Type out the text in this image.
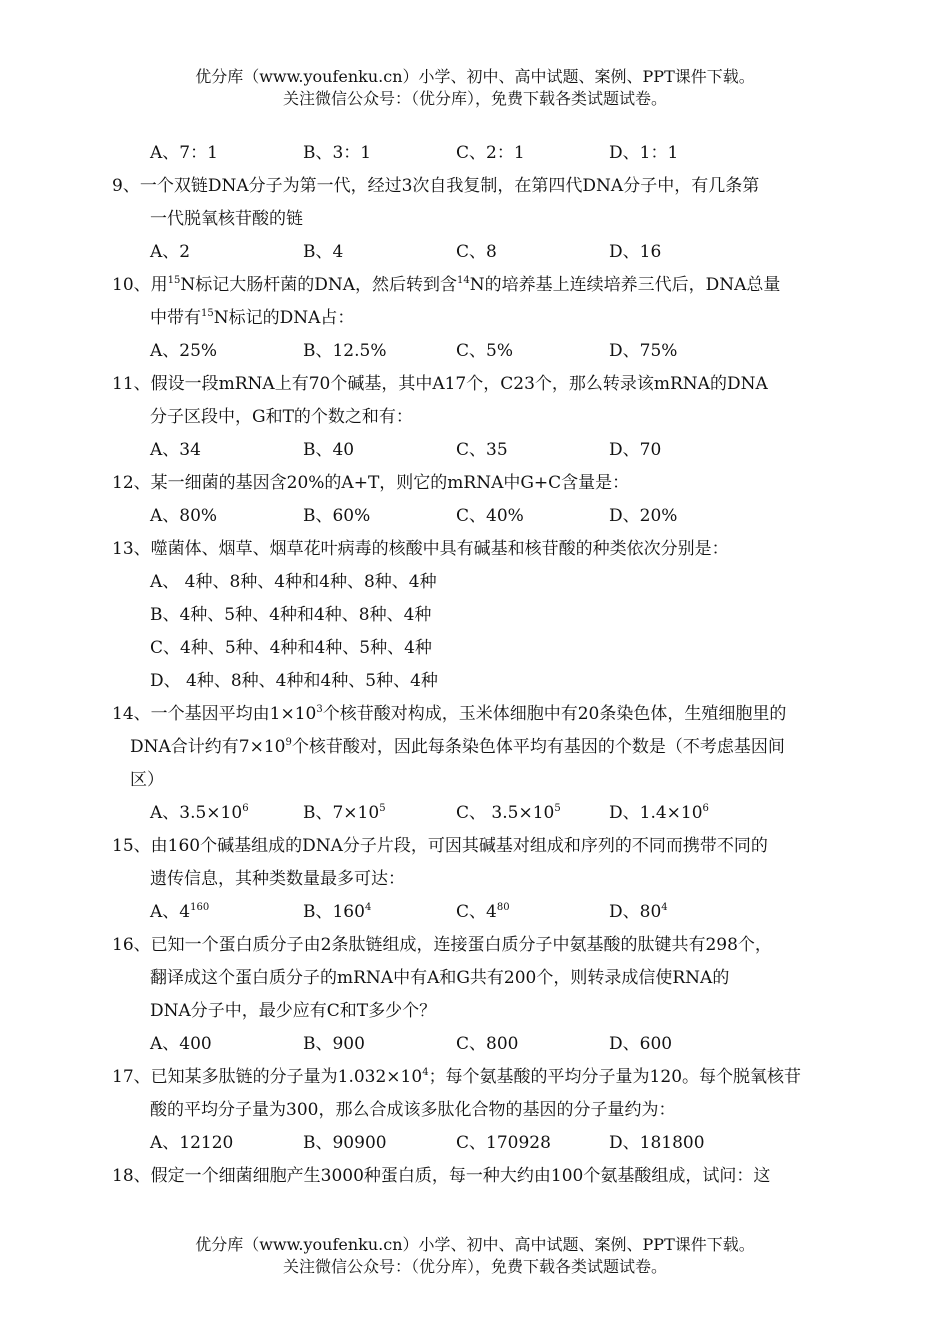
优分库（www.youfenku.cn）小学、初中、高中试题、案例、PPT课件下载。
关注微信公众号：（优分库），免费下载各类试题试卷。
A、7：1	B、3：1	C、2：1	D、1：1
9、一个双链DNA分子为第一代，经过3次自我复制，在第四代DNA分子中，有几条第
一代脱氧核苷酸的链
A、2	B、4	C、8	D、16
10、用$^{15}$N标记大肠杆菌的DNA，然后转到含$^{14}$N的培养基上连续培养三代后，DNA总量
中带有$^{15}$N标记的DNA占：
A、25%	B、12.5%	C、5%	D、75%
11、假设一段mRNA上有70个碱基，其中A17个，C23个，那么转录该mRNA的DNA
分子区段中，G和T的个数之和有：
A、34	B、40	C、35	D、70
12、某一细菌的基因含20%的A+T，则它的mRNA中G+C含量是：
A、80%	B、60%	C、40%	D、20%
13、噬菌体、烟草、烟草花叶病毒的核酸中具有碱基和核苷酸的种类依次分别是：
A、 4种、8种、4种和4种、8种、4种
B、4种、5种、4种和4种、8种、4种
C、4种、5种、4种和4种、5种、4种
D、 4种、8种、4种和4种、5种、4种
14、一个基因平均由$1\times 10^3$个核苷酸对构成，玉米体细胞中有20条染色体，生殖细胞里的
DNA合计约有$7\times 10^9$个核苷酸对，因此每条染色体平均有基因的个数是（不考虑基因间
区）
A、$3.5\times 10^6$	B、$7\times 10^5$	C、 $3.5\times 10^5$	D、$1.4\times 10^6$
15、由160个碱基组成的DNA分子片段，可因其碱基对组成和序列的不同而携带不同的
遗传信息，其种类数量最多可达：
A、$4^{160}$	B、$160^4$	C、$4^{80}$	D、$80^4$
16、已知一个蛋白质分子由2条肽链组成，连接蛋白质分子中氨基酸的肽键共有298个，
翻译成这个蛋白质分子的mRNA中有A和G共有200个，则转录成信使RNA的
DNA分子中，最少应有C和T多少个？
A、400	B、900	C、800	D、600
17、已知某多肽链的分子量为$1.032\times 10^4$；每个氨基酸的平均分子量为120。每个脱氧核苷
酸的平均分子量为300，那么合成该多肽化合物的基因的分子量约为：
A、12120	B、90900	C、170928	D、181800
18、假定一个细菌细胞产生3000种蛋白质，每一种大约由100个氨基酸组成，试问：这
优分库（www.youfenku.cn）小学、初中、高中试题、案例、PPT课件下载。
关注微信公众号：（优分库），免费下载各类试题试卷。
